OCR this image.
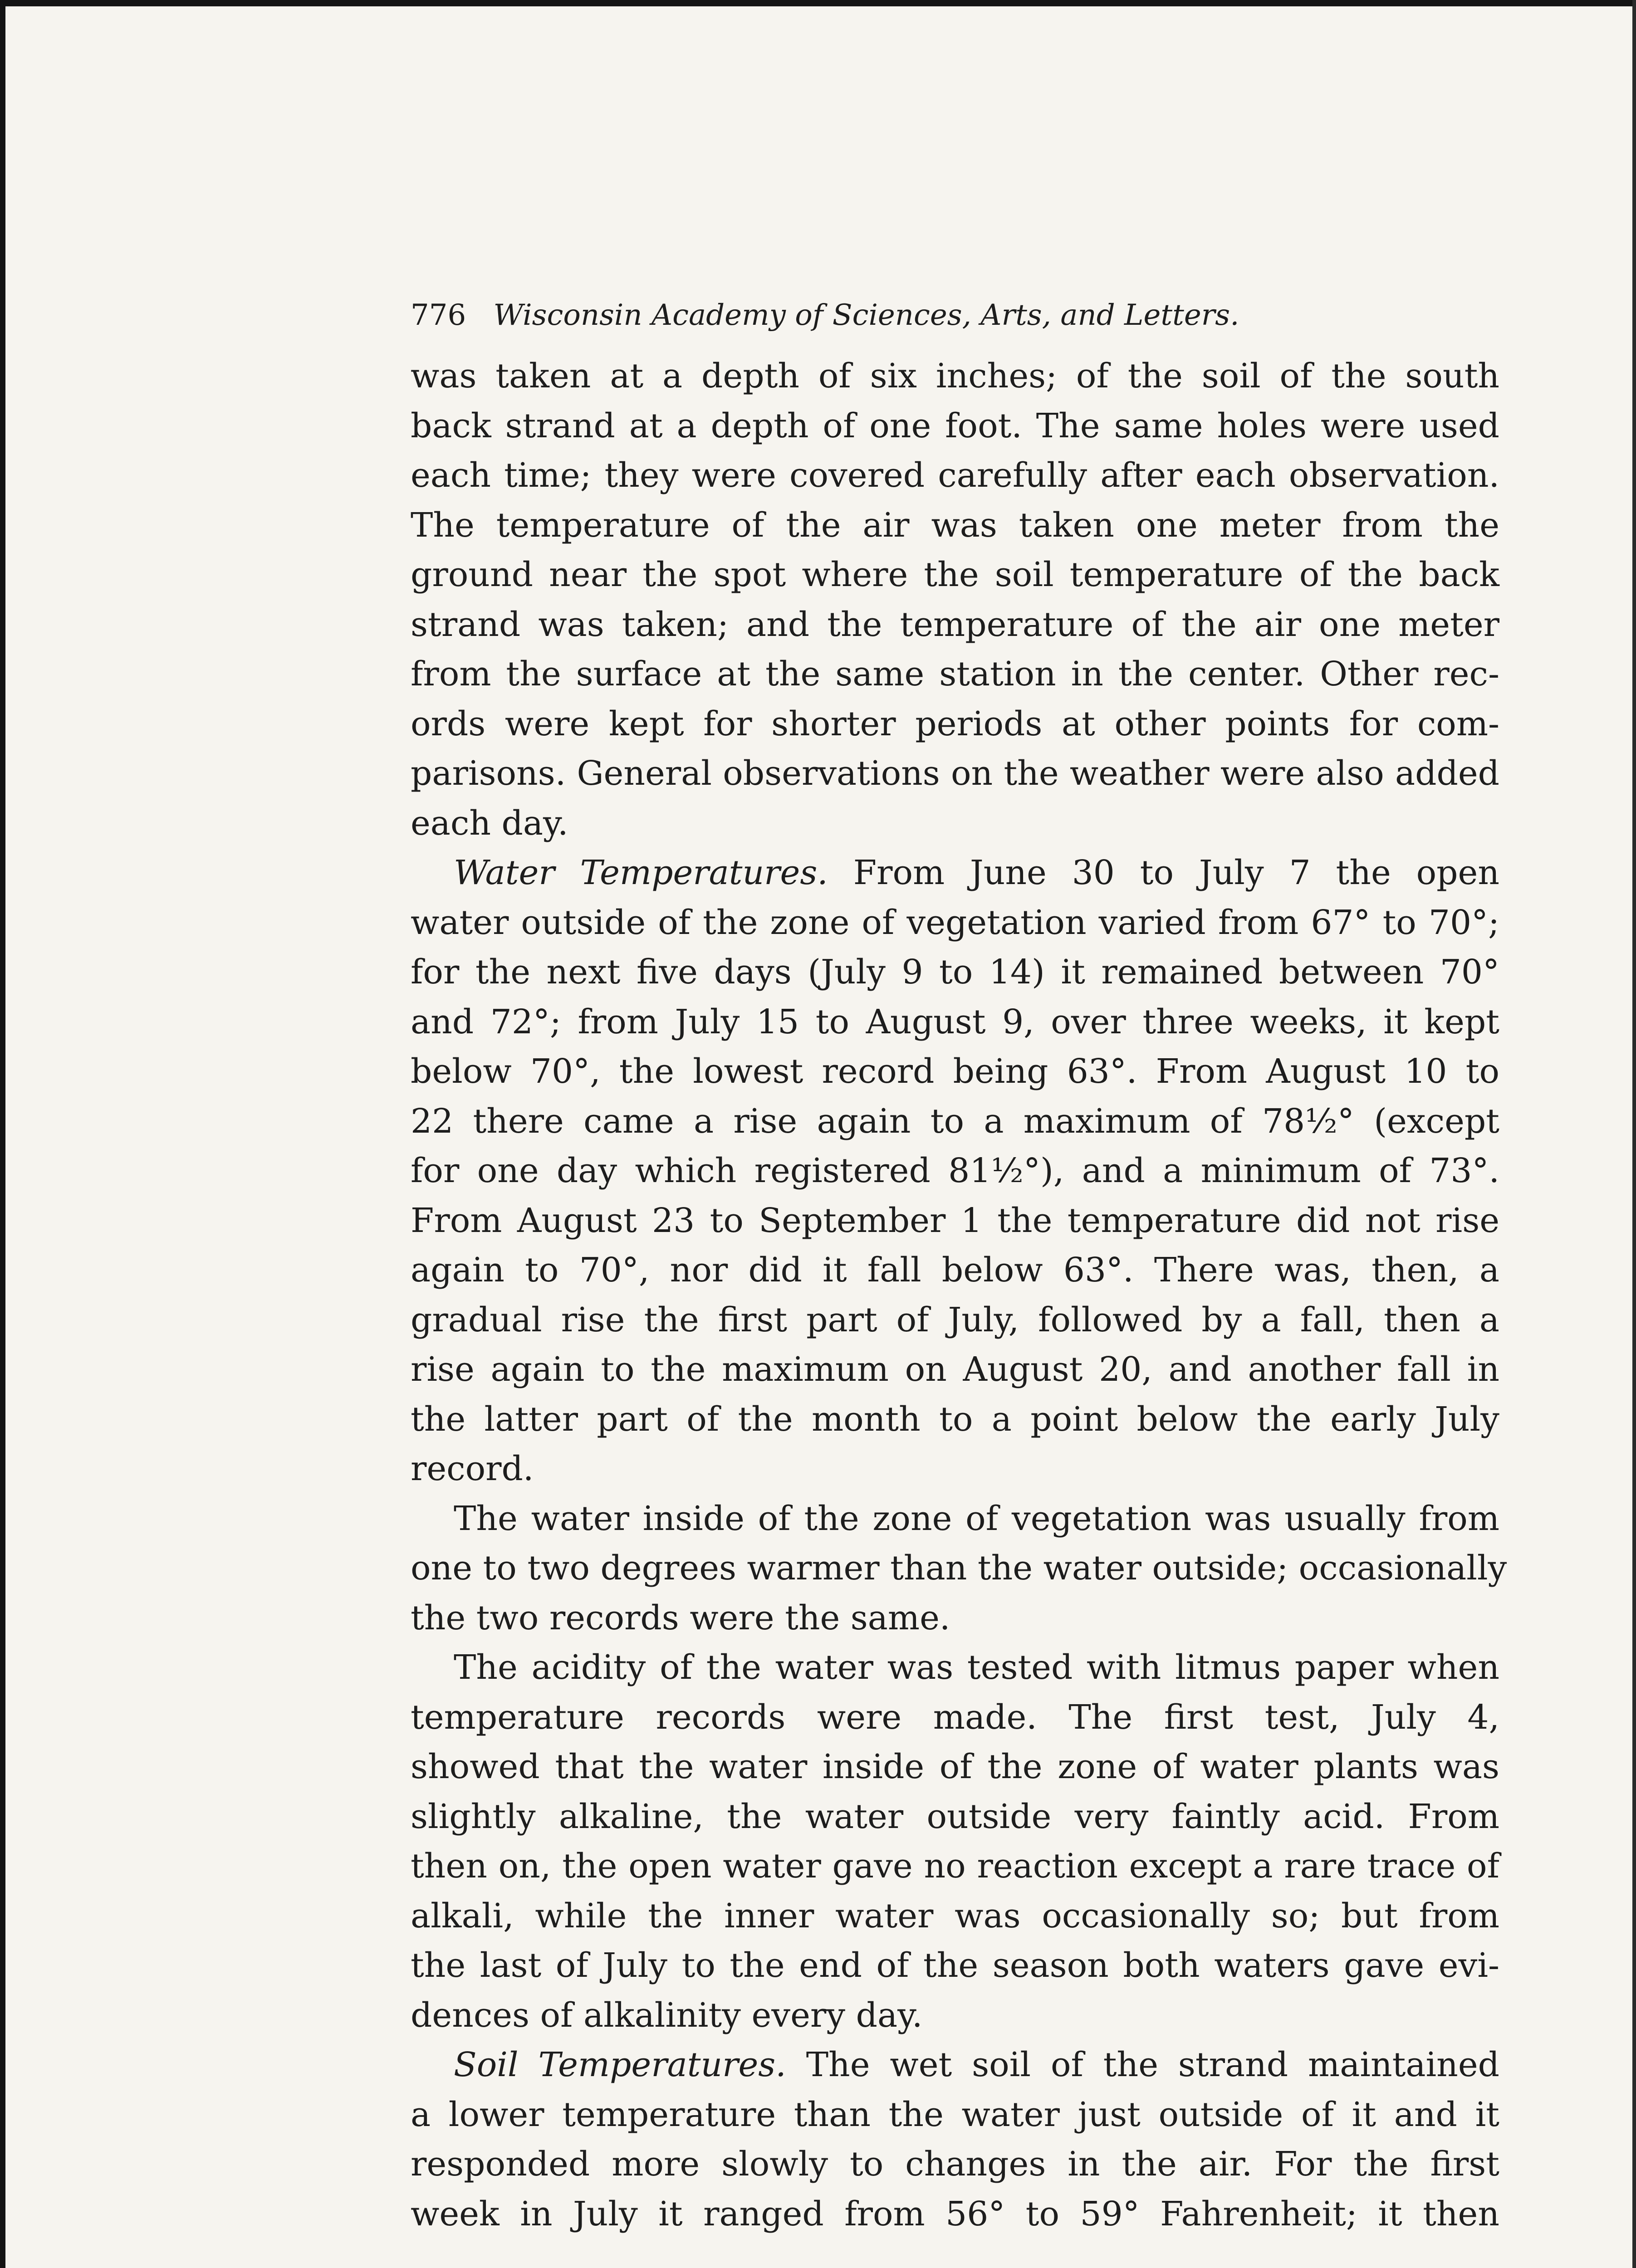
776 Wisconsin Academy of Sciences, Arts, and Letters.

was taken at a depth of six inches; of the soil of the south
back strand at a depth of one foot. The same holes were used
each time; they were covered carefully after each observation.
The temperature of the air was taken one meter from the
ground near the spot where the soil temperature of the back
strand was taken; and the temperature of the air one meter
from the surface at the same station in the center. Other rec-
ords were kept for shorter periods at other points for com-
parisons. General observations on the weather were also added
each day.

Water Temperatures. From June 30 to July 7 the open
water outside of the zone of vegetation varied from 67° to 70°;
for the next five days (July 9 to 14) it remained between 70°
and 72°; from July 15 to August 9, over three weeks, it kept
below 70°, the lowest record being 63°. From August 10 to
22 there came a rise again to a maximum of 78½° (except
for one day which registered 81½°), and a minimum of 73°.
From August 23 to September 1 the temperature did not rise
again to 70°, nor did it fall below 63°. There was, then, a
gradual rise the first part of July, followed by a fall, then a
rise again to the maximum on August 20, and another fall in
the latter part of the month to a point below the early July
record.

The water inside of the zone of vegetation was usually from
one to two degrees warmer than the water outside; occasionally
the two records were the same.

The acidity of the water was tested with litmus paper when
temperature records were made. The first test, July 4,
showed that the water inside of the zone of water plants was
slightly alkaline, the water outside very faintly acid. From
then on, the open water gave no reaction except a rare trace of
alkali, while the inner water was occasionally so; but from
the last of July to the end of the season both waters gave evi-
dences of alkalinity every day.

Soil Temperatures. The wet soil of the strand maintained
a lower temperature than the water just outside of it and it
responded more slowly to changes in the air. For the first
week in July it ranged from 56° to 59° Fahrenheit; it then
